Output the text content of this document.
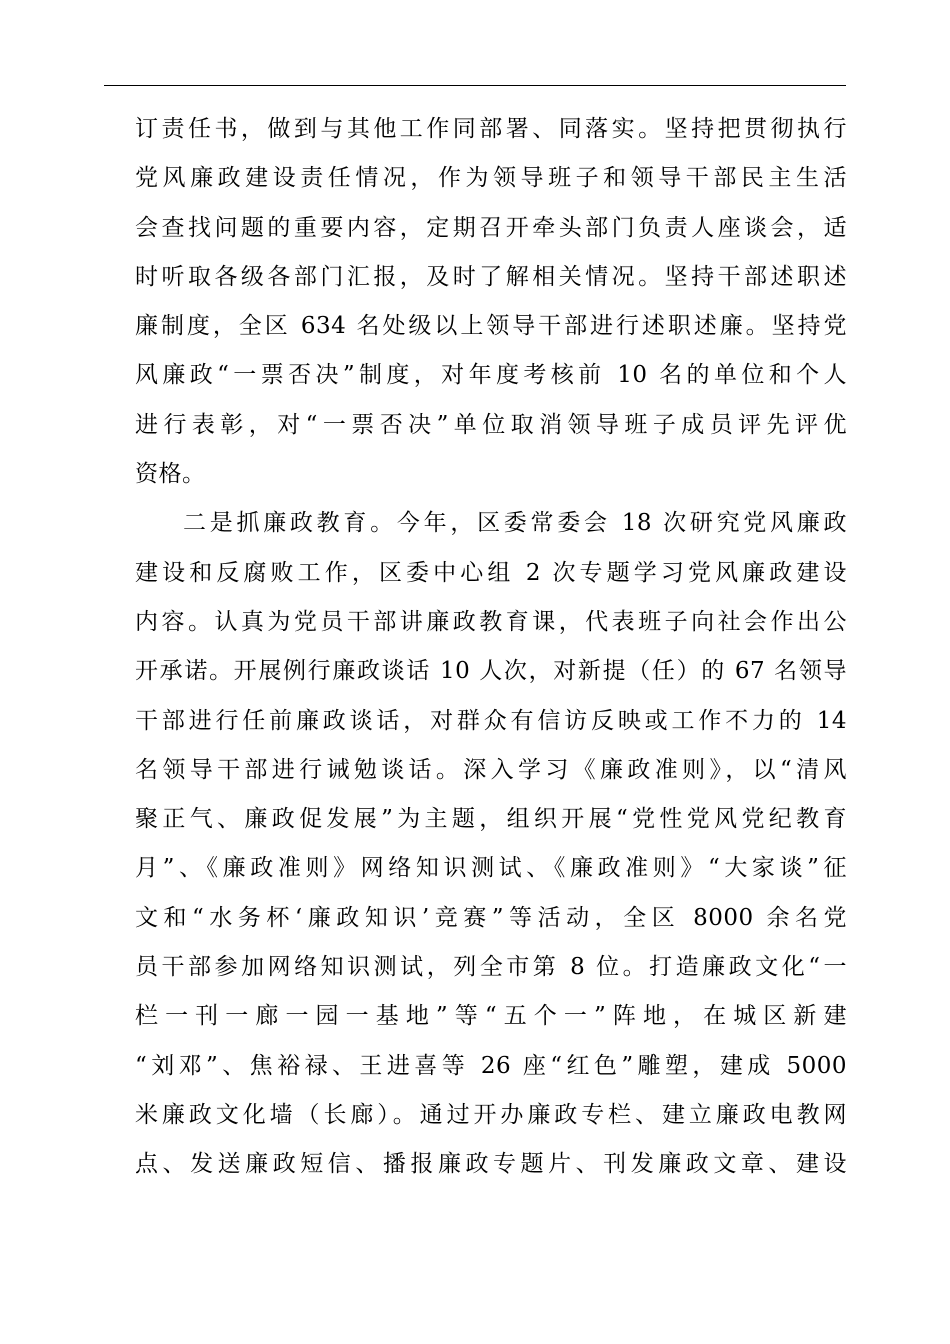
订责任书，做到与其他工作同部署、同落实。坚持把贯彻执行
党风廉政建设责任情况，作为领导班子和领导干部民主生活
会查找问题的重要内容，定期召开牵头部门负责人座谈会，适
时听取各级各部门汇报，及时了解相关情况。坚持干部述职述
廉制度，全区 634 名处级以上领导干部进行述职述廉。坚持党
风廉政“一票否决”制度，对年度考核前 10 名的单位和个人
进行表彰，对“一票否决”单位取消领导班子成员评先评优
资格。
二是抓廉政教育。今年，区委常委会 18 次研究党风廉政
建设和反腐败工作，区委中心组 2 次专题学习党风廉政建设
内容。认真为党员干部讲廉政教育课，代表班子向社会作出公
开承诺。开展例行廉政谈话 10 人次，对新提（任）的 67 名领导
干部进行任前廉政谈话，对群众有信访反映或工作不力的 14
名领导干部进行诫勉谈话。深入学习《廉政准则》，以“清风
聚正气、廉政促发展”为主题，组织开展“党性党风党纪教育
月”、《廉政准则》网络知识测试、《廉政准则》“大家谈”征
文和“水务杯‘廉政知识’竞赛”等活动，全区 8000 余名党
员干部参加网络知识测试，列全市第 8 位。打造廉政文化“一
栏一刊一廊一园一基地”等“五个一”阵地，在城区新建
“刘邓”、焦裕禄、王进喜等 26 座“红色”雕塑，建成 5000
米廉政文化墙（长廊）。通过开办廉政专栏、建立廉政电教网
点、发送廉政短信、播报廉政专题片、刊发廉政文章、建设
